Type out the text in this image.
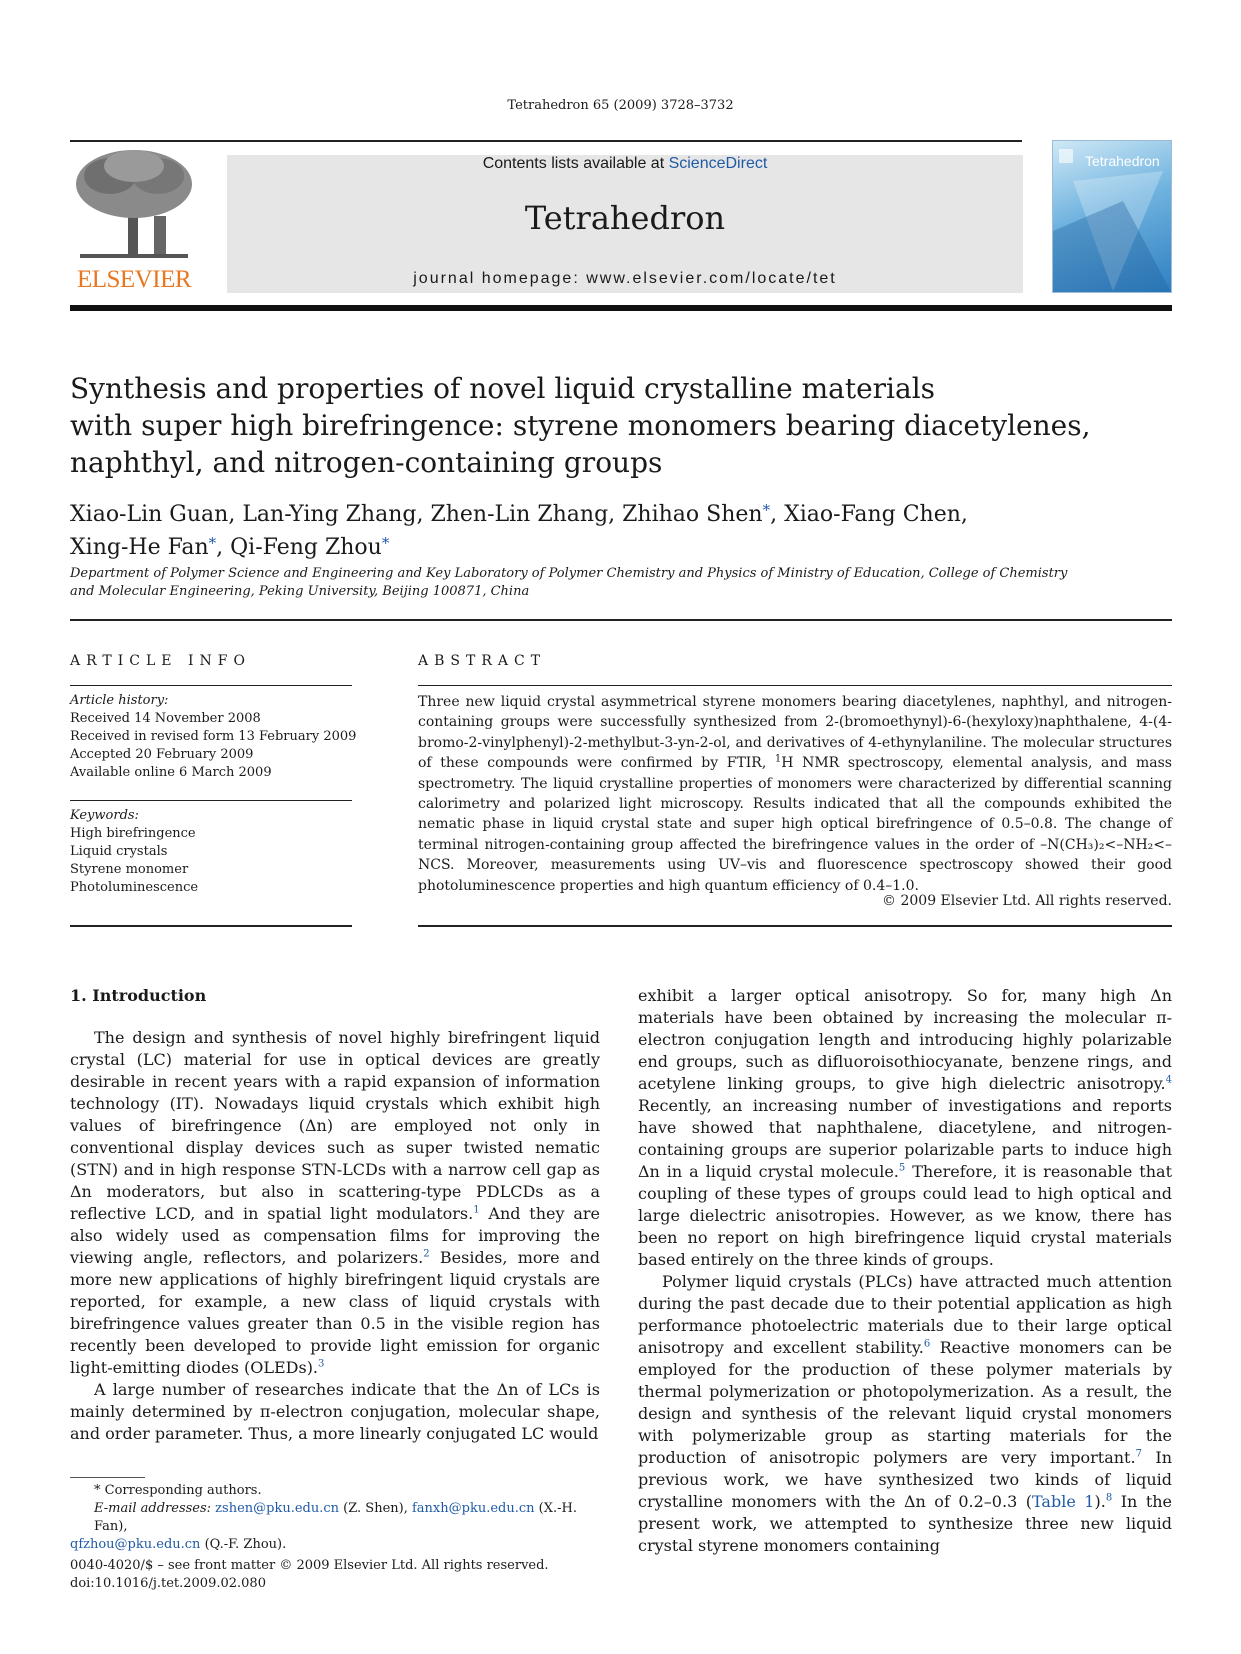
Tetrahedron 65 (2009) 3728–3732
ELSEVIER
Contents lists available at ScienceDirect
Tetrahedron
journal homepage: www.elsevier.com/locate/tet
Tetrahedron
Synthesis and properties of novel liquid crystalline materials
with super high birefringence: styrene monomers bearing diacetylenes,
naphthyl, and nitrogen-containing groups
Xiao-Lin Guan, Lan-Ying Zhang, Zhen-Lin Zhang, Zhihao Shen*, Xiao-Fang Chen,
Xing-He Fan*, Qi-Feng Zhou*
Department of Polymer Science and Engineering and Key Laboratory of Polymer Chemistry and Physics of Ministry of Education, College of Chemistry
and Molecular Engineering, Peking University, Beijing 100871, China
ARTICLE INFO	ABSTRACT
Article history:
Received 14 November 2008
Received in revised form 13 February 2009
Accepted 20 February 2009
Available online 6 March 2009
Keywords:
High birefringence
Liquid crystals
Styrene monomer
Photoluminescence
Three new liquid crystal asymmetrical styrene monomers bearing diacetylenes, naphthyl, and nitrogen-containing groups were successfully synthesized from 2-(bromoethynyl)-6-(hexyloxy)naphthalene, 4-(4-bromo-2-vinylphenyl)-2-methylbut-3-yn-2-ol, and derivatives of 4-ethynylaniline. The molecular structures of these compounds were confirmed by FTIR, $^1$H NMR spectroscopy, elemental analysis, and mass spectrometry. The liquid crystalline properties of monomers were characterized by differential scanning calorimetry and polarized light microscopy. Results indicated that all the compounds exhibited the nematic phase in liquid crystal state and super high optical birefringence of 0.5–0.8. The change of terminal nitrogen-containing group affected the birefringence values in the order of –N(CH₃)₂<–NH₂<–NCS. Moreover, measurements using UV–vis and fluorescence spectroscopy showed their good photoluminescence properties and high quantum efficiency of 0.4–1.0.
© 2009 Elsevier Ltd. All rights reserved.

1. Introduction

The design and synthesis of novel highly birefringent liquid crystal (LC) material for use in optical devices are greatly desirable in recent years with a rapid expansion of information technology (IT). Nowadays liquid crystals which exhibit high values of birefringence (Δn) are employed not only in conventional display devices such as super twisted nematic (STN) and in high response STN-LCDs with a narrow cell gap as Δn moderators, but also in scattering-type PDLCDs as a reflective LCD, and in spatial light modulators.$^1$ And they are also widely used as compensation films for improving the viewing angle, reflectors, and polarizers.$^2$ Besides, more and more new applications of highly birefringent liquid crystals are reported, for example, a new class of liquid crystals with birefringence values greater than 0.5 in the visible region has recently been developed to provide light emission for organic light-emitting diodes (OLEDs).$^3$

A large number of researches indicate that the Δn of LCs is mainly determined by π-electron conjugation, molecular shape, and order parameter. Thus, a more linearly conjugated LC would

exhibit a larger optical anisotropy. So for, many high Δn materials have been obtained by increasing the molecular π-electron conjugation length and introducing highly polarizable end groups, such as difluoroisothiocyanate, benzene rings, and acetylene linking groups, to give high dielectric anisotropy.$^4$ Recently, an increasing number of investigations and reports have showed that naphthalene, diacetylene, and nitrogen-containing groups are superior polarizable parts to induce high Δn in a liquid crystal molecule.$^5$ Therefore, it is reasonable that coupling of these types of groups could lead to high optical and large dielectric anisotropies. However, as we know, there has been no report on high birefringence liquid crystal materials based entirely on the three kinds of groups.

Polymer liquid crystals (PLCs) have attracted much attention during the past decade due to their potential application as high performance photoelectric materials due to their large optical anisotropy and excellent stability.$^6$ Reactive monomers can be employed for the production of these polymer materials by thermal polymerization or photopolymerization. As a result, the design and synthesis of the relevant liquid crystal monomers with polymerizable group as starting materials for the production of anisotropic polymers are very important.$^7$ In previous work, we have synthesized two kinds of liquid crystalline monomers with the Δn of 0.2–0.3 (Table 1).$^8$ In the present work, we attempted to synthesize three new liquid crystal styrene monomers containing

* Corresponding authors.
E-mail addresses: zshen@pku.edu.cn (Z. Shen), fanxh@pku.edu.cn (X.-H. Fan),
qfzhou@pku.edu.cn (Q.-F. Zhou).
0040-4020/$ – see front matter © 2009 Elsevier Ltd. All rights reserved.
doi:10.1016/j.tet.2009.02.080
